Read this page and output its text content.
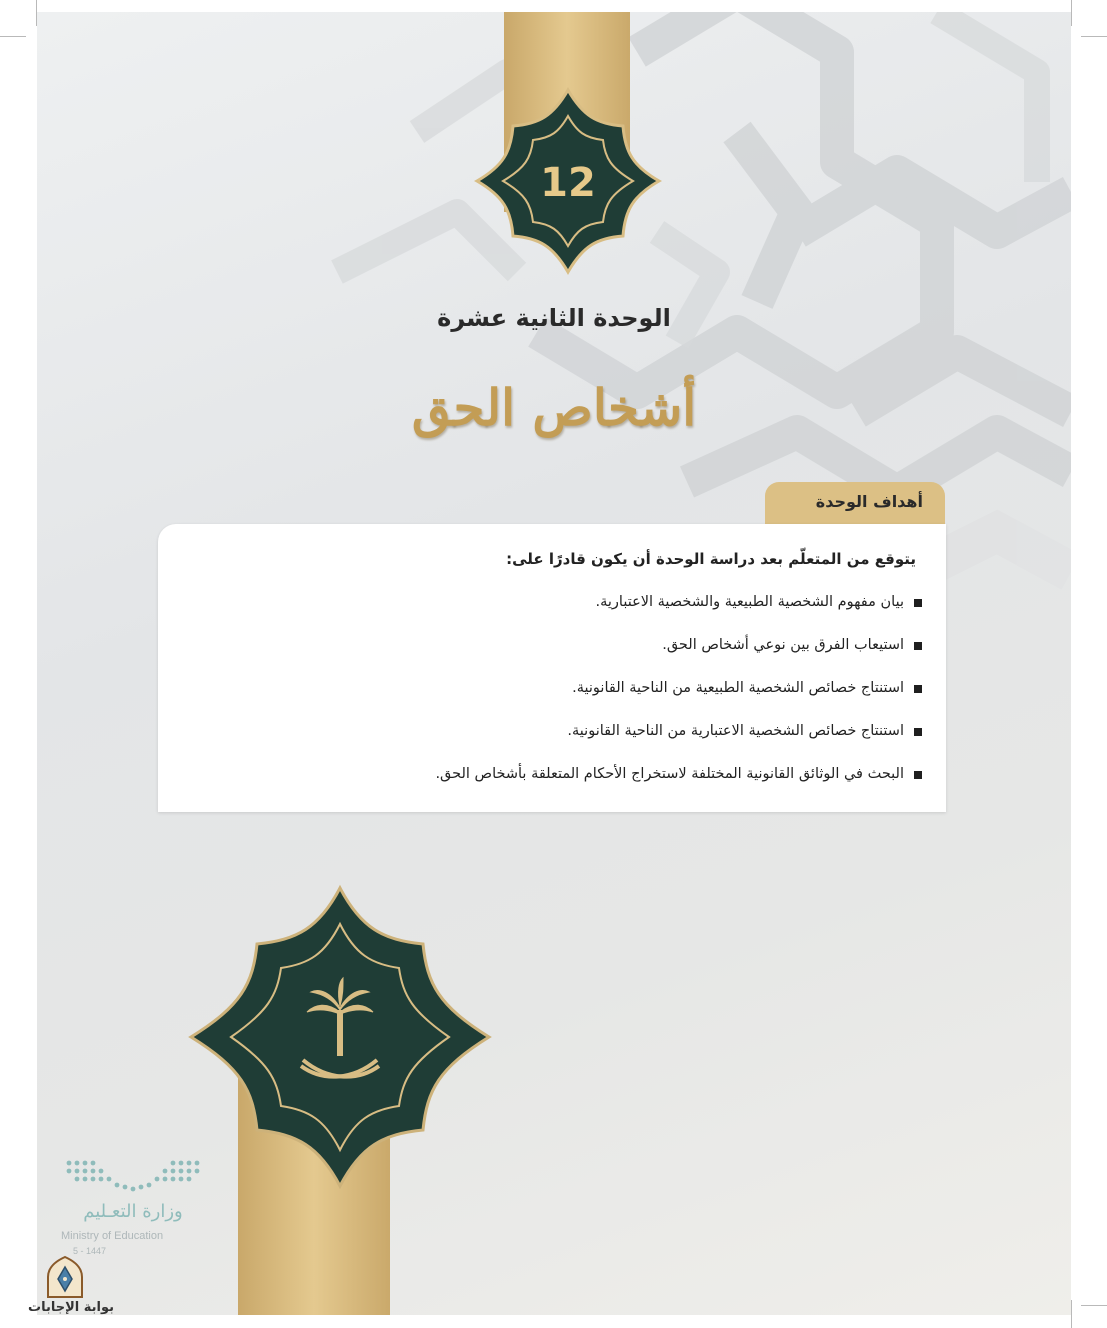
12
الوحدة الثانية عشرة
أشخاص الحق
أهداف الوحدة
يتوقع من المتعلّم بعد دراسة الوحدة أن يكون قادرًا على:
بيان مفهوم الشخصية الطبيعية والشخصية الاعتبارية.
استيعاب الفرق بين نوعي أشخاص الحق.
استنتاج خصائص الشخصية الطبيعية من الناحية القانونية.
استنتاج خصائص الشخصية الاعتبارية من الناحية القانونية.
البحث في الوثائق القانونية المختلفة لاستخراج الأحكام المتعلقة بأشخاص الحق.
وزارة التعـليم
Ministry of Education
5 - 1447
بوابة الإجابات
